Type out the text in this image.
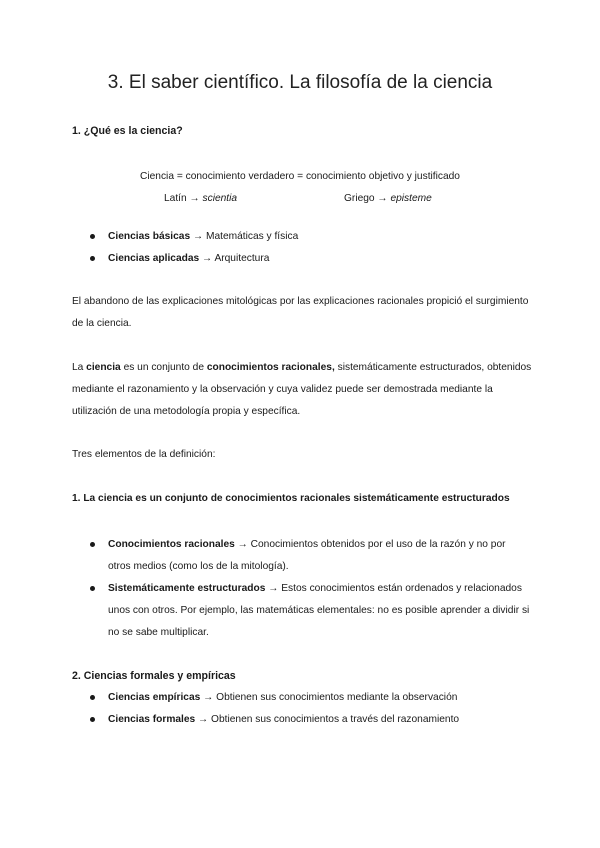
3. El saber científico. La filosofía de la ciencia
1. ¿Qué es la ciencia?
Ciencia = conocimiento verdadero = conocimiento objetivo y justificado
Latín → scientia	Griego → episteme
Ciencias básicas → Matemáticas y física
Ciencias aplicadas → Arquitectura

El abandono de las explicaciones mitológicas por las explicaciones racionales propició el surgimiento de la ciencia.

La ciencia es un conjunto de conocimientos racionales, sistemáticamente estructurados, obtenidos mediante el razonamiento y la observación y cuya validez puede ser demostrada mediante la utilización de una metodología propia y específica.

Tres elementos de la definición:

1. La ciencia es un conjunto de conocimientos racionales sistemáticamente estructurados

Conocimientos racionales → Conocimientos obtenidos por el uso de la razón y no por otros medios (como los de la mitología).
Sistemáticamente estructurados → Estos conocimientos están ordenados y relacionados unos con otros. Por ejemplo, las matemáticas elementales: no es posible aprender a dividir si no se sabe multiplicar.
2. Ciencias formales y empíricas
Ciencias empíricas → Obtienen sus conocimientos mediante la observación
Ciencias formales → Obtienen sus conocimientos a través del razonamiento
